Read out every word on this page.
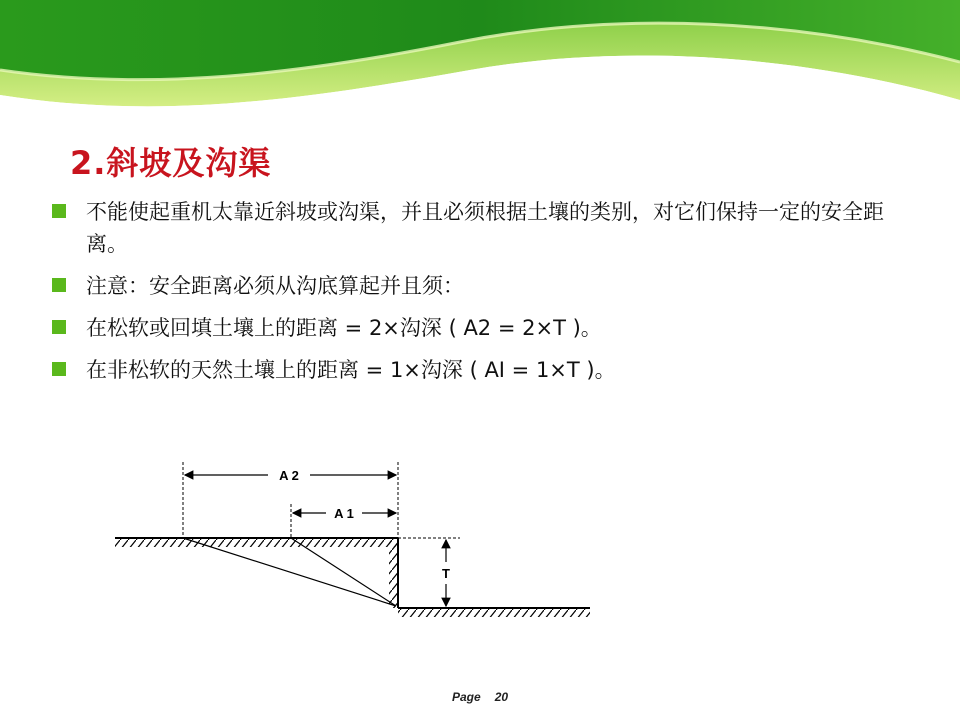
2.斜坡及沟渠
不能使起重机太靠近斜坡或沟渠，并且必须根据土壤的类别，对它们保持一定的安全距离。
注意：安全距离必须从沟底算起并且须：
在松软或回填土壤上的距离 = 2×沟深 ( A2 = 2×T )。
在非松软的天然土壤上的距离 = 1×沟深 ( AI = 1×T )。
A 2
A 1
T
Page 20
